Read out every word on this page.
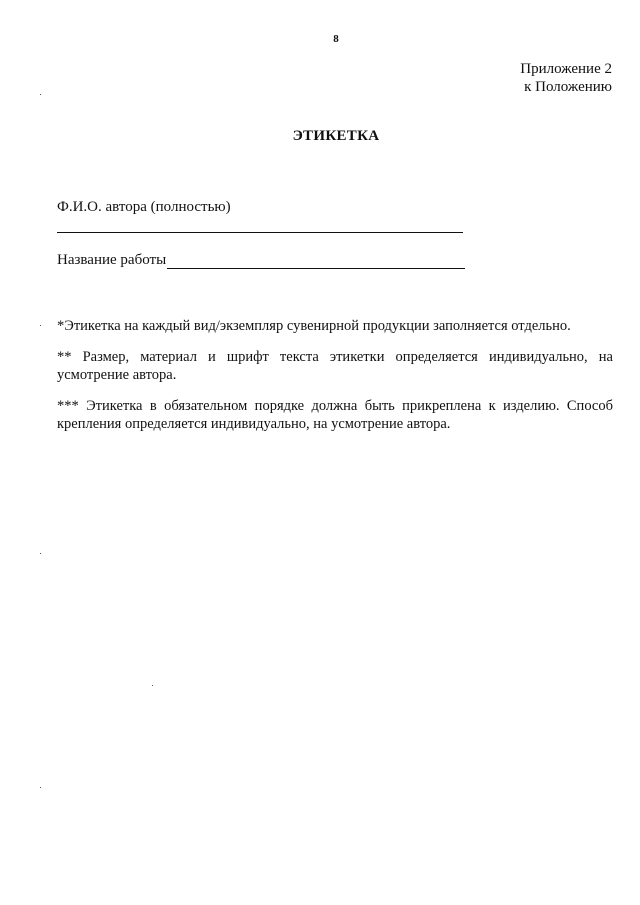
8
Приложение 2
к Положению
ЭТИКЕТКА
Ф.И.О. автора (полностью)
Название работы

*Этикетка на каждый вид/экземпляр сувенирной продукции заполняется отдельно.

** Размер, материал и шрифт текста этикетки определяется индивидуально, на
усмотрение автора.

*** Этикетка в обязательном порядке должна быть прикреплена к изделию. Способ крепления определяется индивидуально, на усмотрение автора.
